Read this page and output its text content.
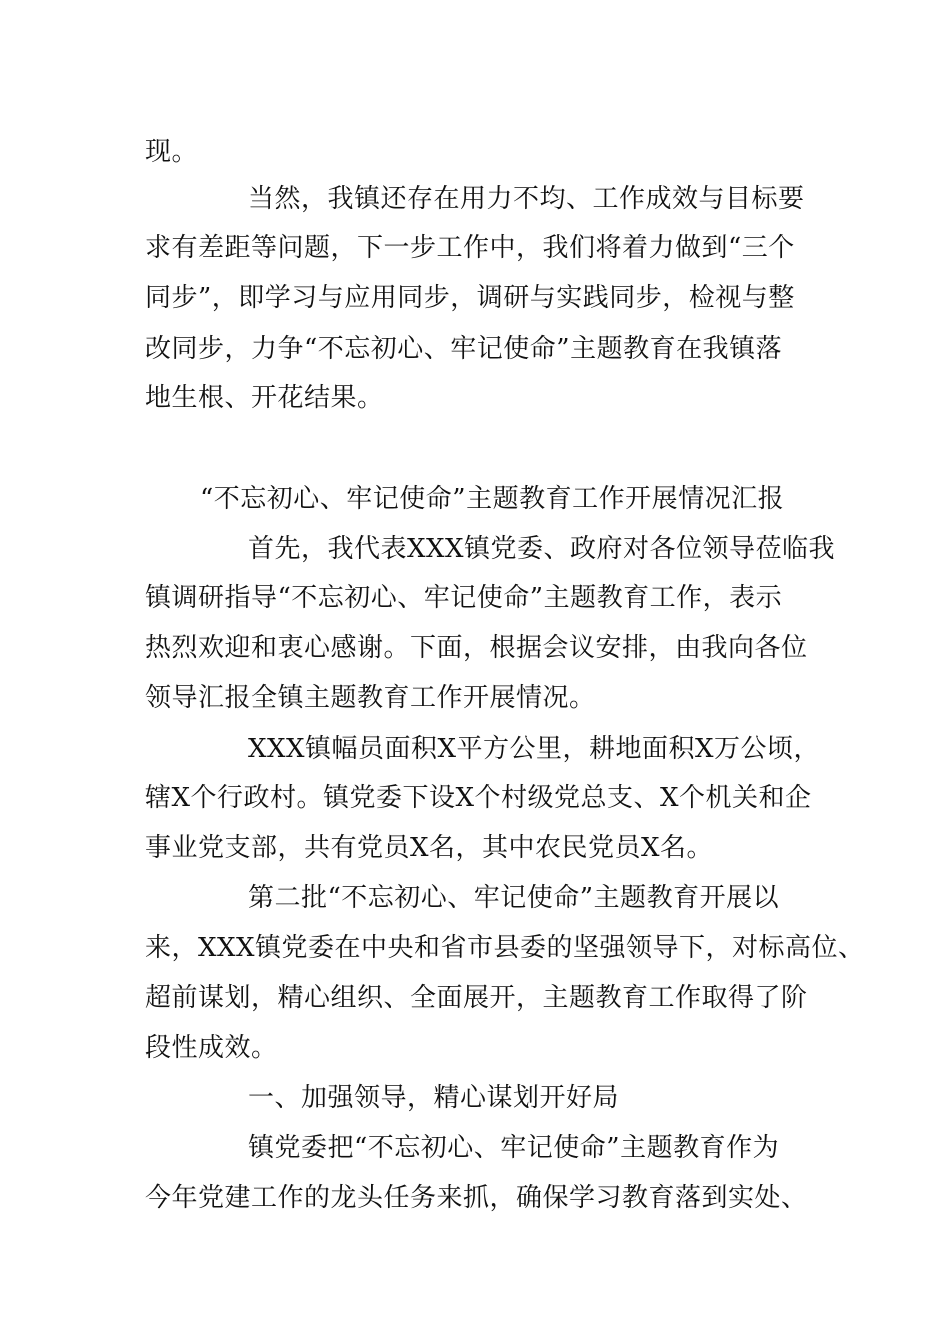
现。
当然，我镇还存在用力不均、工作成效与目标要
求有差距等问题，下一步工作中，我们将着力做到“三个
同步”，即学习与应用同步，调研与实践同步，检视与整
改同步，力争“不忘初心、牢记使命”主题教育在我镇落
地生根、开花结果。
“不忘初心、牢记使命”主题教育工作开展情况汇报
首先，我代表XXX镇党委、政府对各位领导莅临我
镇调研指导“不忘初心、牢记使命”主题教育工作，表示
热烈欢迎和衷心感谢。下面，根据会议安排，由我向各位
领导汇报全镇主题教育工作开展情况。
XXX镇幅员面积X平方公里，耕地面积X万公顷，
辖X个行政村。镇党委下设X个村级党总支、X个机关和企
事业党支部，共有党员X名，其中农民党员X名。
第二批“不忘初心、牢记使命”主题教育开展以
来，XXX镇党委在中央和省市县委的坚强领导下，对标高位、
超前谋划，精心组织、全面展开，主题教育工作取得了阶
段性成效。
一、加强领导，精心谋划开好局
镇党委把“不忘初心、牢记使命”主题教育作为
今年党建工作的龙头任务来抓，确保学习教育落到实处、
